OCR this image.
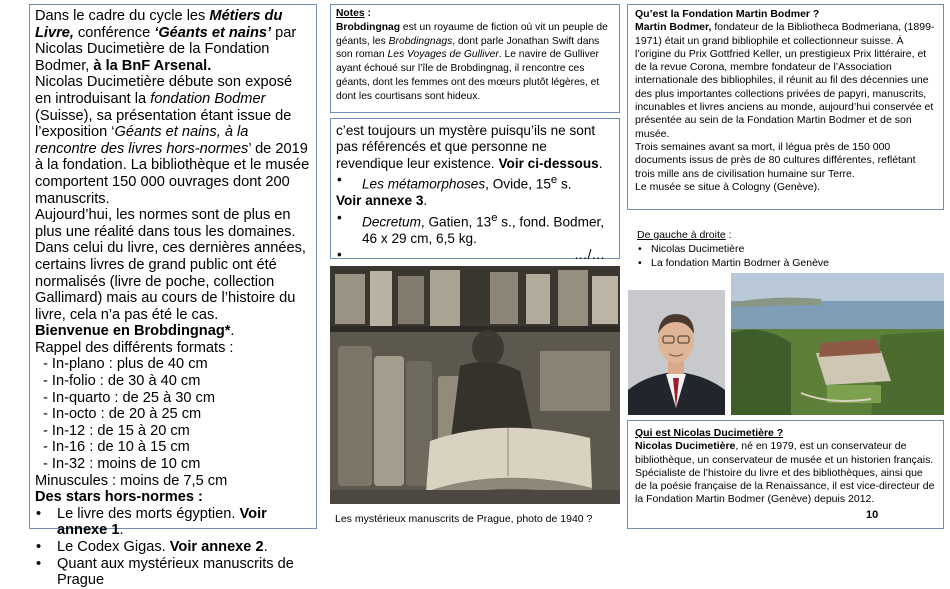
Dans le cadre du cycle les Métiers du Livre, conférence ‘Géants et nains’ par Nicolas Ducimetière de la Fondation Bodmer, à la BnF Arsenal.

Nicolas Ducimetière débute son exposé en introduisant la fondation Bodmer (Suisse), sa présentation étant issue de l’exposition ‘Géants et nains, à la rencontre des livres hors-normes’ de 2019 à la fondation. La bibliothèque et le musée comportent 150 000 ouvrages dont 200 manuscrits.

Aujourd’hui, les normes sont de plus en plus une réalité dans tous les domaines. Dans celui du livre, ces dernières années, certains livres de grand public ont été normalisés (livre de poche, collection Gallimard) mais au cours de l’histoire du livre, cela n’a pas été le cas.

Bienvenue en Brobdingnag*.

Rappel des différents formats :

- In-plano : plus de 40 cm

- In-folio : de 30 à 40 cm

- In-quarto : de 25 à 30 cm

- In-octo : de 20 à 25 cm

- In-12 : de 15 à 20 cm

- In-16 : de 10 à 15 cm

- In-32 : moins de 10 cm

Minuscules : moins de 7,5 cm

Des stars hors-normes :

• Le livre des morts égyptien. Voir annexe 1.
• Le Codex Gigas. Voir annexe 2.
• Quant aux mystérieux manuscrits de Prague
Notes :
Brobdingnag est un royaume de fiction où vit un peuple de géants, les Brobdingnags, dont parle Jonathan Swift dans son roman Les Voyages de Gulliver. Le navire de Gulliver ayant échoué sur l’île de Brobdingnag, il rencontre ces géants, dont les femmes ont des mœurs plutôt légères, et dont les courtisans sont hideux.

c’est toujours un mystère puisqu’ils ne sont pas référencés et que personne ne revendique leur existence. Voir ci-dessous.

• Les métamorphoses, Ovide, 15e s.

Voir annexe 3.

• Decretum, Gatien, 13e s., fond. Bodmer, 46 x 29 cm, 6,5 kg.
• …/…
Les mystérieux manuscrits de Prague, photo de 1940 ?

Qu’est la Fondation Martin Bodmer ?

Martin Bodmer, fondateur de la Bibliotheca Bodmeriana, (1899-1971) était un grand bibliophile et collectionneur suisse. À l’origine du Prix Gottfried Keller, un prestigieux Prix littéraire, et de la revue Corona, membre fondateur de l’Association internationale des bibliophiles, il réunit au fil des décennies une des plus importantes collections privées de papyri, manuscrits, incunables et livres anciens au monde, aujourd’hui conservée et présentée au sein de la Fondation Martin Bodmer et de son musée.

Trois semaines avant sa mort, il légua près de 150 000 documents issus de près de 80 cultures différentes, reflétant trois mille ans de civilisation humaine sur Terre.

Le musée se situe à Cologny (Genève).

De gauche à droite :
• Nicolas Ducimetière
• La fondation Martin Bodmer à Genève

Qui est Nicolas Ducimetière ?

Nicolas Ducimetière, né en 1979, est un conservateur de bibliothèque, un conservateur de musée et un historien français. Spécialiste de l’histoire du livre et des bibliothèques, ainsi que de la poésie française de la Renaissance, il est vice-directeur de la Fondation Martin Bodmer (Genève) depuis 2012.

10
